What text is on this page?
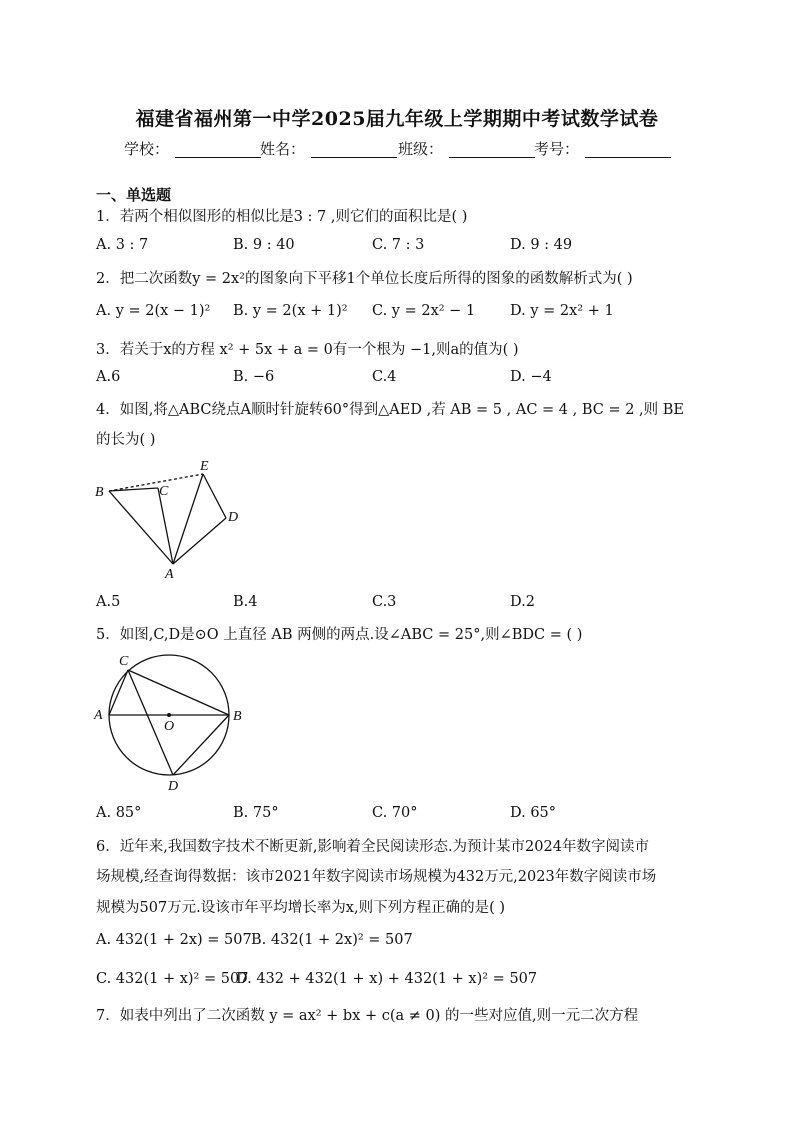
福建省福州第一中学2025届九年级上学期期中考试数学试卷
学校：	姓名：	班级：	考号：
一、单选题
1．若两个相似图形的相似比是3 : 7 ,则它们的面积比是( )
A. 3 : 7	B. 9 : 40	C. 7 : 3	D. 9 : 49
2．把二次函数y = 2x²的图象向下平移1个单位长度后所得的图象的函数解析式为( )
A. y = 2(x − 1)² B. y = 2(x + 1)² C. y = 2x² − 1 D. y = 2x² + 1
3．若关于x的方程 x² + 5x + a = 0有一个根为 −1,则a的值为( )
A.6	B. −6	C.4	D. −4
4．如图,将△ABC绕点A顺时针旋转60°得到△AED ,若 AB = 5 , AC = 4 , BC = 2 ,则 BE
的长为( )
B	C
E
D
A
A.5	B.4	C.3	D.2
5．如图,C,D是⊙O 上直径 AB 两侧的两点.设∠ABC = 25°,则∠BDC = ( )
C
A
O
B
D
A. 85°	B. 75°	C. 70°	D. 65°
6．近年来,我国数字技术不断更新,影响着全民阅读形态.为预计某市2024年数字阅读市
场规模,经查询得数据：该市2021年数字阅读市场规模为432万元,2023年数字阅读市场
规模为507万元.设该市年平均增长率为x,则下列方程正确的是( )
A. 432(1 + 2x) = 507 B. 432(1 + 2x)² = 507
C. 432(1 + x)² = 507
D. 432 + 432(1 + x) + 432(1 + x)² = 507
7．如表中列出了二次函数 y = ax² + bx + c(a ≠ 0) 的一些对应值,则一元二次方程
